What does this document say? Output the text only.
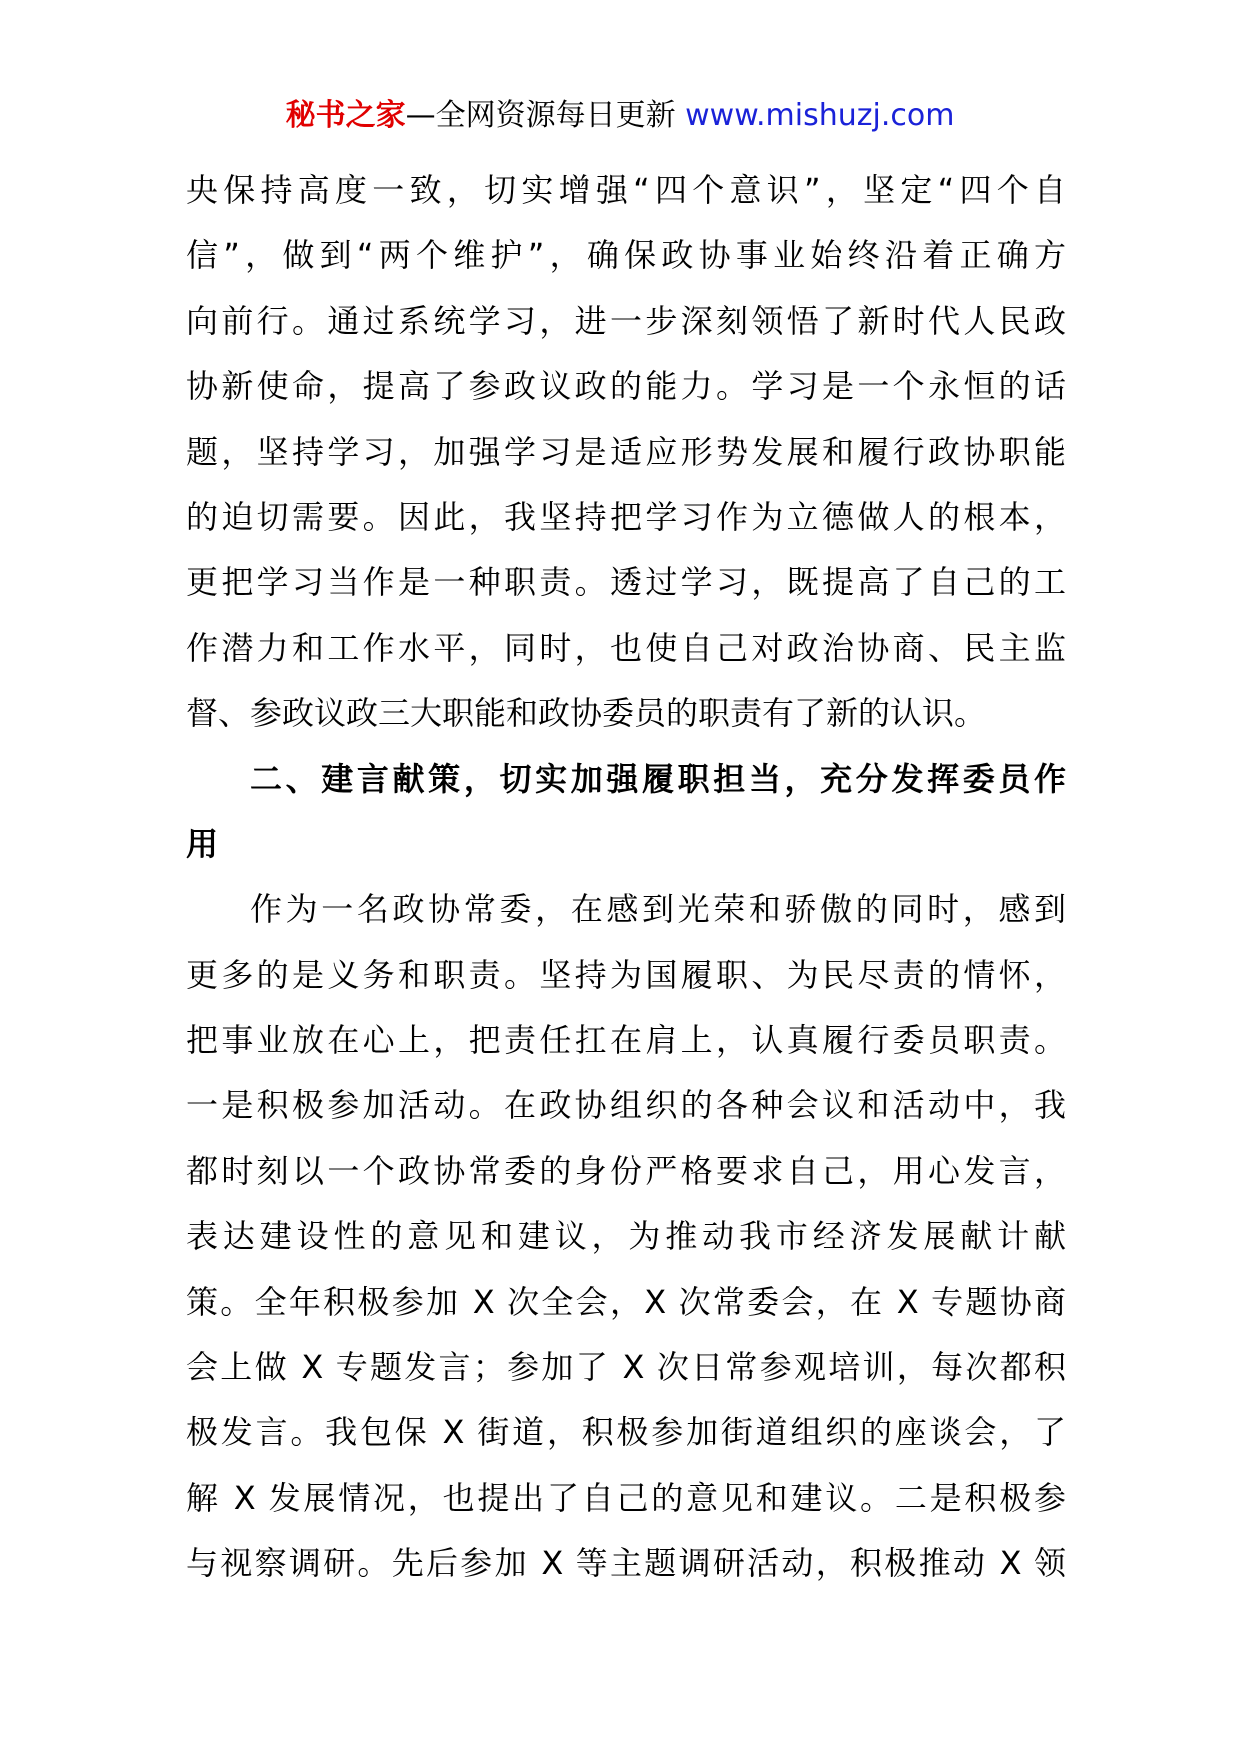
秘书之家—全网资源每日更新 www.mishuzj.com
央保持高度一致，切实增强“四个意识”，坚定“四个自
信”，做到“两个维护”，确保政协事业始终沿着正确方
向前行。通过系统学习，进一步深刻领悟了新时代人民政
协新使命，提高了参政议政的能力。学习是一个永恒的话
题，坚持学习，加强学习是适应形势发展和履行政协职能
的迫切需要。因此，我坚持把学习作为立德做人的根本，
更把学习当作是一种职责。透过学习，既提高了自己的工
作潜力和工作水平，同时，也使自己对政治协商、民主监
督、参政议政三大职能和政协委员的职责有了新的认识。
二、建言献策，切实加强履职担当，充分发挥委员作
用
作为一名政协常委，在感到光荣和骄傲的同时，感到
更多的是义务和职责。坚持为国履职、为民尽责的情怀，
把事业放在心上，把责任扛在肩上，认真履行委员职责。
一是积极参加活动。在政协组织的各种会议和活动中，我
都时刻以一个政协常委的身份严格要求自己，用心发言，
表达建设性的意见和建议，为推动我市经济发展献计献
策。全年积极参加 X 次全会，X 次常委会，在 X 专题协商
会上做 X 专题发言；参加了 X 次日常参观培训，每次都积
极发言。我包保 X 街道，积极参加街道组织的座谈会，了
解 X 发展情况，也提出了自己的意见和建议。二是积极参
与视察调研。先后参加 X 等主题调研活动，积极推动 X 领
